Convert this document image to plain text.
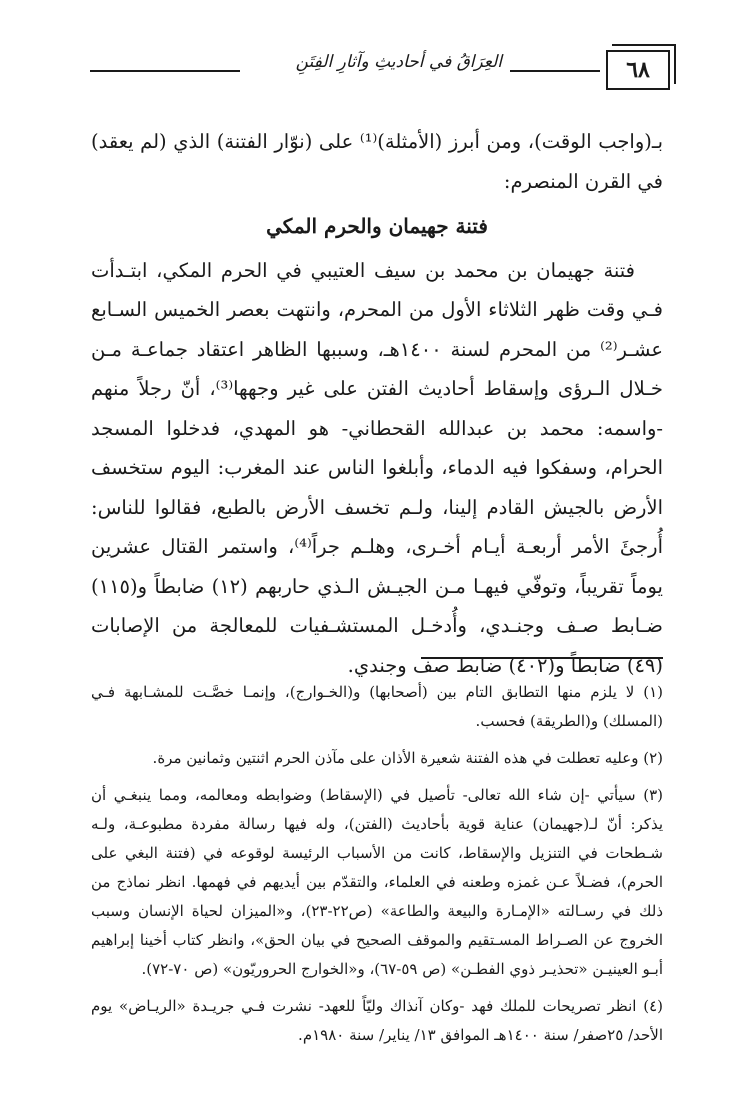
٦٨
العِرَاقُ في أحاديثِ وآثارِ الفِتَنِ

بـ(واجب الوقت)، ومن أبرز (الأمثلة)⁽¹⁾ على (نوّار الفتنة) الذي (لم يعقد) في القرن المنصرم:

فتنة جهيمان والحرم المكي

فتنة جهيمان بن محمد بن سيف العتيبي في الحرم المكي، ابتـدأت فـي وقت ظهر الثلاثاء الأول من المحرم، وانتهت بعصر الخميس السـابع عشـر⁽²⁾ من المحرم لسنة ١٤٠٠هـ، وسببها الظاهر اعتقاد جماعـة مـن خـلال الـرؤى وإسقاط أحاديث الفتن على غير وجهها⁽³⁾، أنّ رجلاً منهم -واسمه: محمد بن عبدالله القحطاني- هو المهدي، فدخلوا المسجد الحرام، وسفكوا فيه الدماء، وأبلغوا الناس عند المغرب: اليوم ستخسف الأرض بالجيش القادم إلينا، ولـم تخسف الأرض بالطبع، فقالوا للناس: أُرجئَ الأمر أربعـة أيـام أخـرى، وهلـم جراً⁽⁴⁾، واستمر القتال عشرين يوماً تقريباً، وتوفّي فيهـا مـن الجيـش الـذي حاربهم (١٢) ضابطاً و(١١٥) ضـابط صـف وجنـدي، وأُدخـل المستشـفيات للمعالجة من الإصابات (٤٩) ضابطاً و(٤٠٢) ضابط صف وجندي.

(١) لا يلزم منها التطابق التام بين (أصحابها) و(الخـوارج)، وإنمـا خصَّـت للمشـابهة فـي (المسلك) و(الطريقة) فحسب.

(٢) وعليه تعطلت في هذه الفتنة شعيرة الأذان على مآذن الحرم اثنتين وثمانين مرة.

(٣) سيأتي -إن شاء الله تعالى- تأصيل في (الإسقاط) وضوابطه ومعالمه، ومما ينبغـي أن يذكر: أنّ لـ(جهيمان) عناية قوية بأحاديث (الفتن)، وله فيها رسالة مفردة مطبوعـة، ولـه شـطحات في التنزيل والإسقاط، كانت من الأسباب الرئيسة لوقوعه في (فتنة البغي على الحرم)، فضـلاً عـن غمزه وطعنه في العلماء، والتقدّم بين أيديهم في فهمها. انظر نماذج من ذلك في رسـالته «الإمـارة والبيعة والطاعة» (ص٢٢-٢٣)، و«الميزان لحياة الإنسان وسبب الخروج عن الصـراط المسـتقيم والموقف الصحيح في بيان الحق»، وانظر كتاب أخينا إبراهيم أبـو العينيـن «تحذيـر ذوي الفطـن» (ص ٥٩-٦٧)، و«الخوارج الحروريّون» (ص ٧٠-٧٢).

(٤) انظر تصريحات للملك فهد -وكان آنذاك وليّاً للعهد- نشرت فـي جريـدة «الريـاض» يوم الأحد/ ٢٥صفر/ سنة ١٤٠٠هـ الموافق ١٣/ يناير/ سنة ١٩٨٠م.
